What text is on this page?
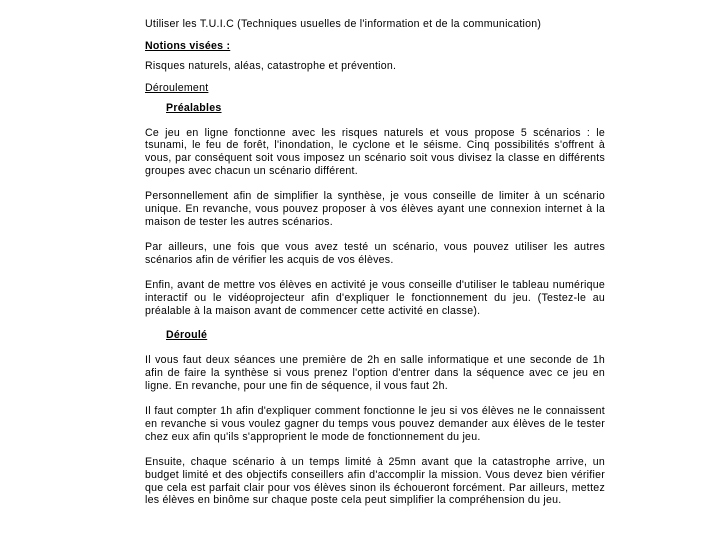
Utiliser les T.U.I.C (Techniques usuelles de l'information et de la communication)

Notions visées :

Risques naturels, aléas, catastrophe et prévention.

Déroulement

Préalables

Ce jeu en ligne fonctionne avec les risques naturels et vous propose 5 scénarios : le tsunami, le feu de forêt, l'inondation, le cyclone et le séisme. Cinq possibilités s'offrent à vous, par conséquent soit vous imposez un scénario soit vous divisez la classe en différents groupes avec chacun un scénario différent.

Personnellement afin de simplifier la synthèse, je vous conseille de limiter à un scénario unique. En revanche, vous pouvez proposer à vos élèves ayant une connexion internet à la maison de tester les autres scénarios.

Par ailleurs, une fois que vous avez testé un scénario, vous pouvez utiliser les autres scénarios afin de vérifier les acquis de vos élèves.

Enfin, avant de mettre vos élèves en activité je vous conseille d'utiliser le tableau numérique interactif ou le vidéoprojecteur afin d'expliquer le fonctionnement du jeu. (Testez-le au préalable à la maison avant de commencer cette activité en classe).

Déroulé

Il vous faut deux séances une première de 2h en salle informatique et une seconde de 1h afin de faire la synthèse si vous prenez l'option d'entrer dans la séquence avec ce jeu en ligne. En revanche, pour une fin de séquence, il vous faut 2h.

Il faut compter 1h afin d'expliquer comment fonctionne le jeu si vos élèves ne le connaissent en revanche si vous voulez gagner du temps vous pouvez demander aux élèves de le tester chez eux afin qu'ils s'approprient le mode de fonctionnement du jeu.

Ensuite, chaque scénario à un temps limité à 25mn avant que la catastrophe arrive, un budget limité et des objectifs conseillers afin d'accomplir la mission. Vous devez bien vérifier que cela est parfait clair pour vos élèves sinon ils échoueront forcément. Par ailleurs, mettez les élèves en binôme sur chaque poste cela peut simplifier la compréhension du jeu.
